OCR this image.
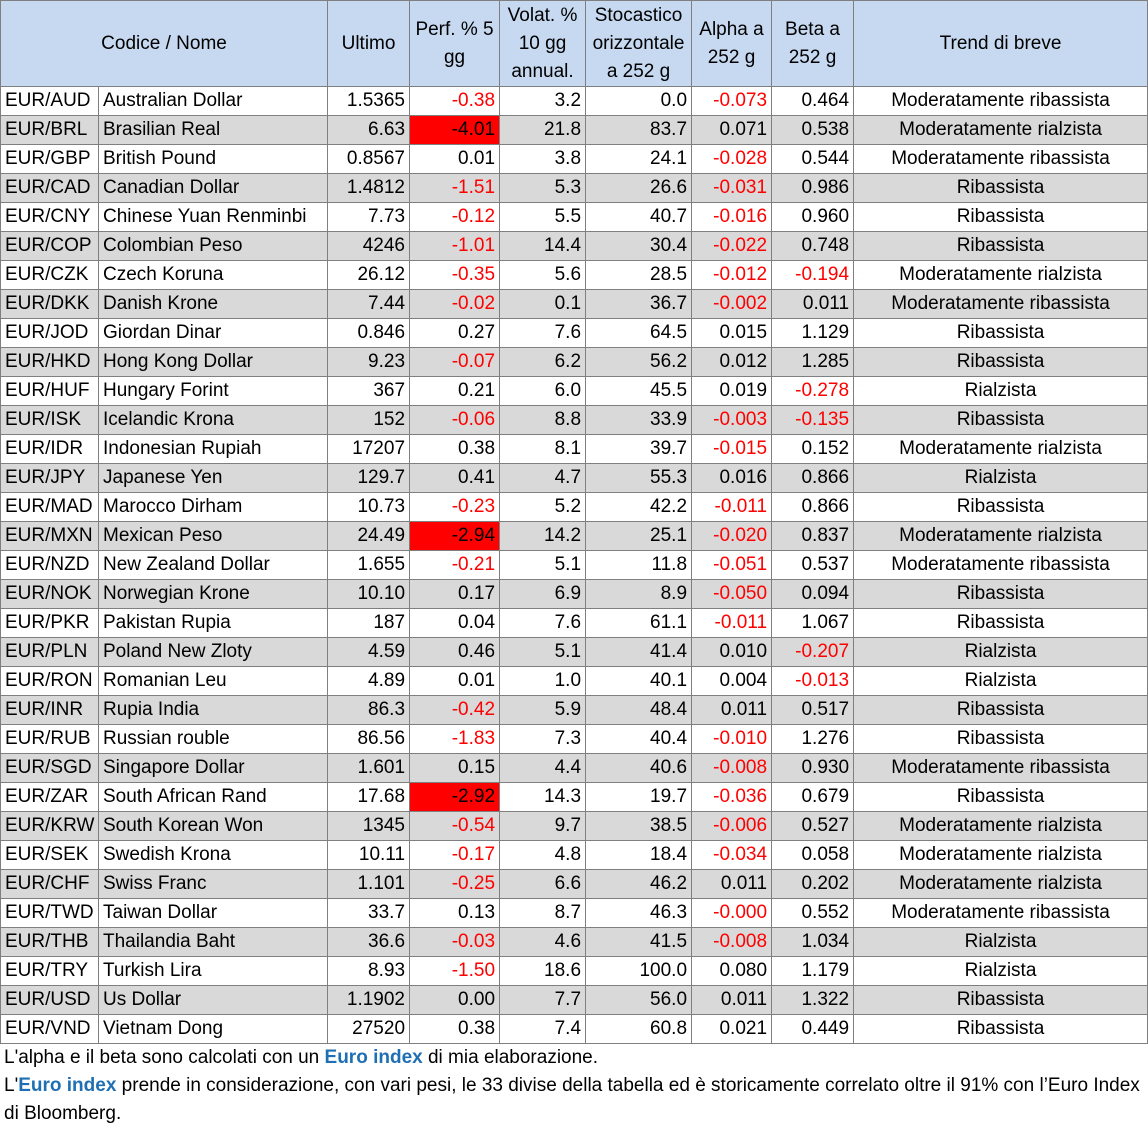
Codice / Nome		Ultimo	Perf. % 5 gg	Volat. % 10 gg annual.	Stocastico orizzontale a 252 g	Alpha a 252 g	Beta a 252 g	Trend di breve
EUR/AUD	Australian Dollar	1.5365	-0.38	3.2	0.0	-0.073	0.464	Moderatamente ribassista
EUR/BRL	Brasilian Real	6.63	-4.01	21.8	83.7	0.071	0.538	Moderatamente rialzista
EUR/GBP	British Pound	0.8567	0.01	3.8	24.1	-0.028	0.544	Moderatamente ribassista
EUR/CAD	Canadian Dollar	1.4812	-1.51	5.3	26.6	-0.031	0.986	Ribassista
EUR/CNY	Chinese Yuan Renminbi	7.73	-0.12	5.5	40.7	-0.016	0.960	Ribassista
EUR/COP	Colombian Peso	4246	-1.01	14.4	30.4	-0.022	0.748	Ribassista
EUR/CZK	Czech Koruna	26.12	-0.35	5.6	28.5	-0.012	-0.194	Moderatamente rialzista
EUR/DKK	Danish Krone	7.44	-0.02	0.1	36.7	-0.002	0.011	Moderatamente ribassista
EUR/JOD	Giordan Dinar	0.846	0.27	7.6	64.5	0.015	1.129	Ribassista
EUR/HKD	Hong Kong Dollar	9.23	-0.07	6.2	56.2	0.012	1.285	Ribassista
EUR/HUF	Hungary Forint	367	0.21	6.0	45.5	0.019	-0.278	Rialzista
EUR/ISK	Icelandic Krona	152	-0.06	8.8	33.9	-0.003	-0.135	Ribassista
EUR/IDR	Indonesian Rupiah	17207	0.38	8.1	39.7	-0.015	0.152	Moderatamente rialzista
EUR/JPY	Japanese Yen	129.7	0.41	4.7	55.3	0.016	0.866	Rialzista
EUR/MAD	Marocco Dirham	10.73	-0.23	5.2	42.2	-0.011	0.866	Ribassista
EUR/MXN	Mexican Peso	24.49	-2.94	14.2	25.1	-0.020	0.837	Moderatamente rialzista
EUR/NZD	New Zealand Dollar	1.655	-0.21	5.1	11.8	-0.051	0.537	Moderatamente ribassista
EUR/NOK	Norwegian Krone	10.10	0.17	6.9	8.9	-0.050	0.094	Ribassista
EUR/PKR	Pakistan Rupia	187	0.04	7.6	61.1	-0.011	1.067	Ribassista
EUR/PLN	Poland New Zloty	4.59	0.46	5.1	41.4	0.010	-0.207	Rialzista
EUR/RON	Romanian Leu	4.89	0.01	1.0	40.1	0.004	-0.013	Rialzista
EUR/INR	Rupia India	86.3	-0.42	5.9	48.4	0.011	0.517	Ribassista
EUR/RUB	Russian rouble	86.56	-1.83	7.3	40.4	-0.010	1.276	Ribassista
EUR/SGD	Singapore Dollar	1.601	0.15	4.4	40.6	-0.008	0.930	Moderatamente ribassista
EUR/ZAR	South African Rand	17.68	-2.92	14.3	19.7	-0.036	0.679	Ribassista
EUR/KRW	South Korean Won	1345	-0.54	9.7	38.5	-0.006	0.527	Moderatamente rialzista
EUR/SEK	Swedish Krona	10.11	-0.17	4.8	18.4	-0.034	0.058	Moderatamente rialzista
EUR/CHF	Swiss Franc	1.101	-0.25	6.6	46.2	0.011	0.202	Moderatamente rialzista
EUR/TWD	Taiwan Dollar	33.7	0.13	8.7	46.3	-0.000	0.552	Moderatamente ribassista
EUR/THB	Thailandia Baht	36.6	-0.03	4.6	41.5	-0.008	1.034	Rialzista
EUR/TRY	Turkish Lira	8.93	-1.50	18.6	100.0	0.080	1.179	Rialzista
EUR/USD	Us Dollar	1.1902	0.00	7.7	56.0	0.011	1.322	Ribassista
EUR/VND	Vietnam Dong	27520	0.38	7.4	60.8	0.021	0.449	Ribassista
L'alpha e il beta sono calcolati con un Euro index di mia elaborazione.
L'Euro index prende in considerazione, con vari pesi, le 33 divise della tabella ed è storicamente correlato oltre il 91% con l’Euro Index di Bloomberg.
